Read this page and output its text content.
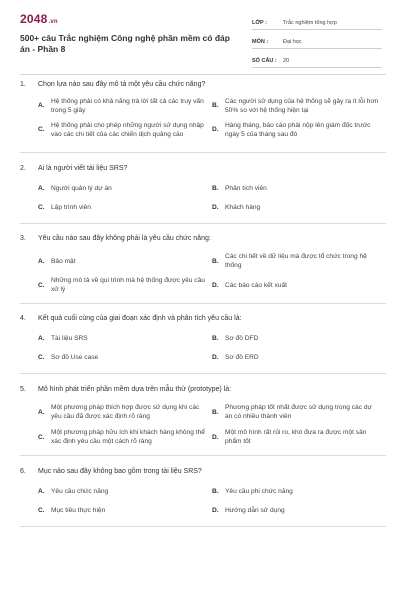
2048.vn
500+ câu Trắc nghiệm Công nghệ phần mềm có đáp án - Phần 8
LỚP :	Trắc nghiệm tổng hợp
MÔN :	Đại học
SỐ CÂU :	20
1.	Chọn lựa nào sau đây mô tả một yêu cầu chức năng?
A.
Hệ thống phải có khả năng trả lời tất cả các truy vấn trong 5 giây
B.
Các người sử dụng của hệ thống sẽ gây ra ít lỗi hơn 50% so với hệ thống hiện tại
C.
Hệ thống phải cho phép những người sử dụng nhập vào các chi tiết của các chiến dịch quảng cáo
D.
Hàng tháng, báo cáo phải nộp lên giám đốc trước ngày 5 của tháng sau đó
2.	Ai là người viết tài liệu SRS?
A. Người quản lý dự án	B. Phân tích viên
C. Lập trình viên	D. Khách hàng
3.	Yêu cầu nào sau đây không phải là yêu cầu chức năng:
A. Bảo mật	B.
Các chi tiết về dữ liệu mà được tổ chức trong hệ thống
C.
Những mô tả về qui trình mà hệ thống được yêu cầu xử lý
D. Các báo cáo kết xuất
4.	Kết quả cuối cùng của giai đoạn xác định và phân tích yêu cầu là:
A. Tài liệu SRS	B. Sơ đồ DFD
C. Sơ đồ Use case	D. Sơ đồ ERD
5.	Mô hình phát triển phần mềm dựa trên mẫu thử (prototype) là:
A.
Một phương pháp thích hợp được sử dụng khi các yêu cầu đã được xác định rõ ràng
B.
Phương pháp tốt nhất được sử dụng trong các dự án có nhiều thành viên
C.
Một phương pháp hữu ích khi khách hàng không thể xác định yêu cầu một cách rõ ràng
D.
Một mô hình rất rủi ro, khó đưa ra được một sản phẩm tốt
6.	Mục nào sau đây không bao gồm trong tài liệu SRS?
A. Yêu cầu chức năng	B. Yêu cầu phi chức năng
C. Mục tiêu thực hiện	D. Hướng dẫn sử dụng
